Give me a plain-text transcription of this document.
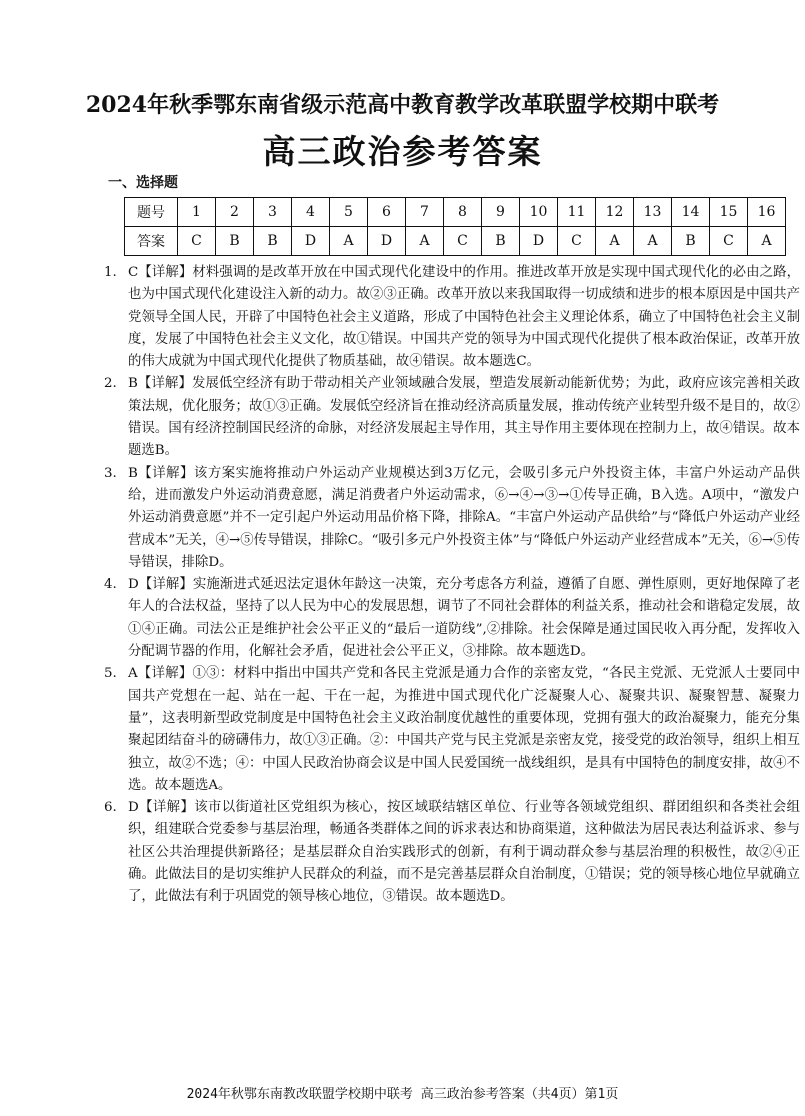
2024年秋季鄂东南省级示范高中教育教学改革联盟学校期中联考
高三政治参考答案
一、选择题
题号	1	2	3	4	5	6	7	8	9	10	11	12	13	14	15	16
答案	C	B	B	D	A	D	A	C	B	D	C	A	A	B	C	A
1. C【详解】材料强调的是改革开放在中国式现代化建设中的作用。推进改革开放是实现中国式现代化的必由之路，也为中国式现代化建设注入新的动力。故②③正确。改革开放以来我国取得一切成绩和进步的根本原因是中国共产党领导全国人民，开辟了中国特色社会主义道路，形成了中国特色社会主义理论体系，确立了中国特色社会主义制度，发展了中国特色社会主义文化，故①错误。中国共产党的领导为中国式现代化提供了根本政治保证，改革开放的伟大成就为中国式现代化提供了物质基础，故④错误。故本题选C。
2. B【详解】发展低空经济有助于带动相关产业领域融合发展，塑造发展新动能新优势；为此，政府应该完善相关政策法规，优化服务；故①③正确。发展低空经济旨在推动经济高质量发展，推动传统产业转型升级不是目的，故②错误。国有经济控制国民经济的命脉，对经济发展起主导作用，其主导作用主要体现在控制力上，故④错误。故本题选B。
3. B【详解】该方案实施将推动户外运动产业规模达到3万亿元，会吸引多元户外投资主体，丰富户外运动产品供给，进而激发户外运动消费意愿，满足消费者户外运动需求，⑥→④→③→①传导正确，B入选。A项中，“激发户外运动消费意愿”并不一定引起户外运动用品价格下降，排除A。“丰富户外运动产品供给”与“降低户外运动产业经营成本”无关，④→⑤传导错误，排除C。“吸引多元户外投资主体”与“降低户外运动产业经营成本”无关，⑥→⑤传导错误，排除D。
4. D【详解】实施渐进式延迟法定退休年龄这一决策，充分考虑各方利益，遵循了自愿、弹性原则，更好地保障了老年人的合法权益，坚持了以人民为中心的发展思想，调节了不同社会群体的利益关系，推动社会和谐稳定发展，故①④正确。司法公正是维护社会公平正义的“最后一道防线”,②排除。社会保障是通过国民收入再分配，发挥收入分配调节器的作用，化解社会矛盾，促进社会公平正义，③排除。故本题选D。
5. A【详解】①③：材料中指出中国共产党和各民主党派是通力合作的亲密友党，“各民主党派、无党派人士要同中国共产党想在一起、站在一起、干在一起，为推进中国式现代化广泛凝聚人心、凝聚共识、凝聚智慧、凝聚力量”，这表明新型政党制度是中国特色社会主义政治制度优越性的重要体现，党拥有强大的政治凝聚力，能充分集聚起团结奋斗的磅礴伟力，故①③正确。②：中国共产党与民主党派是亲密友党，接受党的政治领导，组织上相互独立，故②不选；④：中国人民政治协商会议是中国人民爱国统一战线组织，是具有中国特色的制度安排，故④不选。故本题选A。
6. D【详解】该市以街道社区党组织为核心，按区域联结辖区单位、行业等各领域党组织、群团组织和各类社会组织，组建联合党委参与基层治理，畅通各类群体之间的诉求表达和协商渠道，这种做法为居民表达利益诉求、参与社区公共治理提供新路径；是基层群众自治实践形式的创新，有利于调动群众参与基层治理的积极性，故②④正确。此做法目的是切实维护人民群众的利益，而不是完善基层群众自治制度，①错误；党的领导核心地位早就确立了，此做法有利于巩固党的领导核心地位，③错误。故本题选D。
2024年秋鄂东南教改联盟学校期中联考 高三政治参考答案（共4页）第1页
